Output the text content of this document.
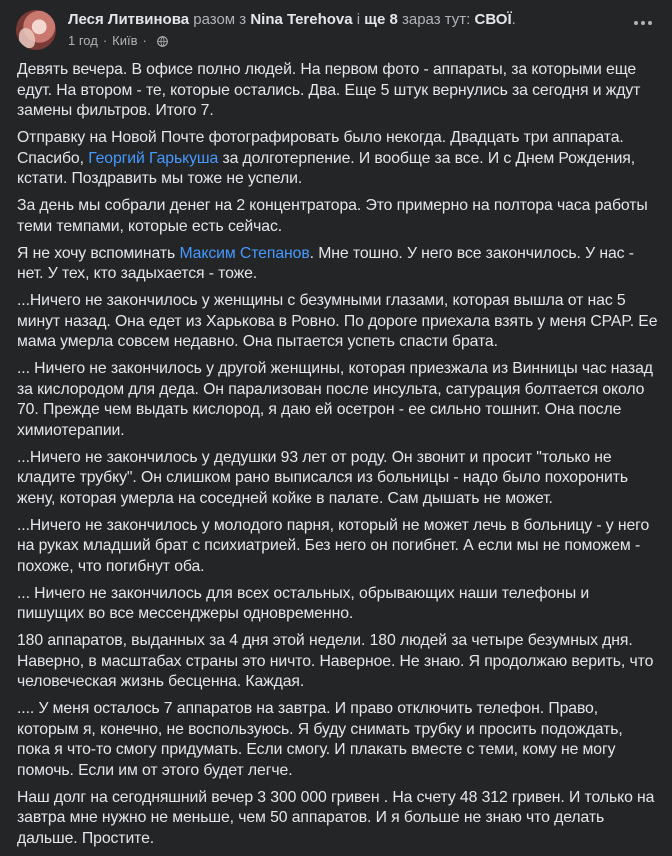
Леся Литвинова разом з Nina Terehova і ще 8 зараз тут: СВОЇ.
1 год · Київ ·

Девять вечера. В офисе полно людей. На первом фото - аппараты, за которыми еще едут. На втором - те, которые остались. Два. Еще 5 штук вернулись за сегодня и ждут замены фильтров. Итого 7.

Отправку на Новой Почте фотографировать было некогда. Двадцать три аппарата. Спасибо, Георгий Гарькуша за долготерпение. И вообще за все. И с Днем Рождения, кстати. Поздравить мы тоже не успели.

За день мы собрали денег на 2 концентратора. Это примерно на полтора часа работы теми темпами, которые есть сейчас.

Я не хочу вспоминать Максим Степанов. Мне тошно. У него все закончилось. У нас - нет. У тех, кто задыхается - тоже.

...Ничего не закончилось у женщины с безумными глазами, которая вышла от нас 5 минут назад. Она едет из Харькова в Ровно. По дороге приехала взять у меня CPAP. Ее мама умерла совсем недавно. Она пытается успеть спасти брата.

... Ничего не закончилось у другой женщины, которая приезжала из Винницы час назад за кислородом для деда. Он парализован после инсульта, сатурация болтается около 70. Прежде чем выдать кислород, я даю ей осетрон - ее сильно тошнит. Она после химиотерапии.

...Ничего не закончилось у дедушки 93 лет от роду. Он звонит и просит "только не кладите трубку". Он слишком рано выписался из больницы - надо было похоронить жену, которая умерла на соседней койке в палате. Сам дышать не может.

...Ничего не закончилось у молодого парня, который не может лечь в больницу - у него на руках младший брат с психиатрией. Без него он погибнет. А если мы не поможем - похоже, что погибнут оба.

... Ничего не закончилось для всех остальных, обрывающих наши телефоны и пишущих во все мессенджеры одновременно.

180 аппаратов, выданных за 4 дня этой недели. 180 людей за четыре безумных дня. Наверно, в масштабах страны это ничто. Наверное. Не знаю. Я продолжаю верить, что человеческая жизнь бесценна. Каждая.

.... У меня осталось 7 аппаратов на завтра. И право отключить телефон. Право, которым я, конечно, не воспользуюсь. Я буду снимать трубку и просить подождать, пока я что-то смогу придумать. Если смогу. И плакать вместе с теми, кому не могу помочь. Если им от этого будет легче.

Наш долг на сегодняшний вечер 3 300 000 гривен . На счету 48 312 гривен. И только на завтра мне нужно не меньше, чем 50 аппаратов. И я больше не знаю что делать дальше. Простите.
